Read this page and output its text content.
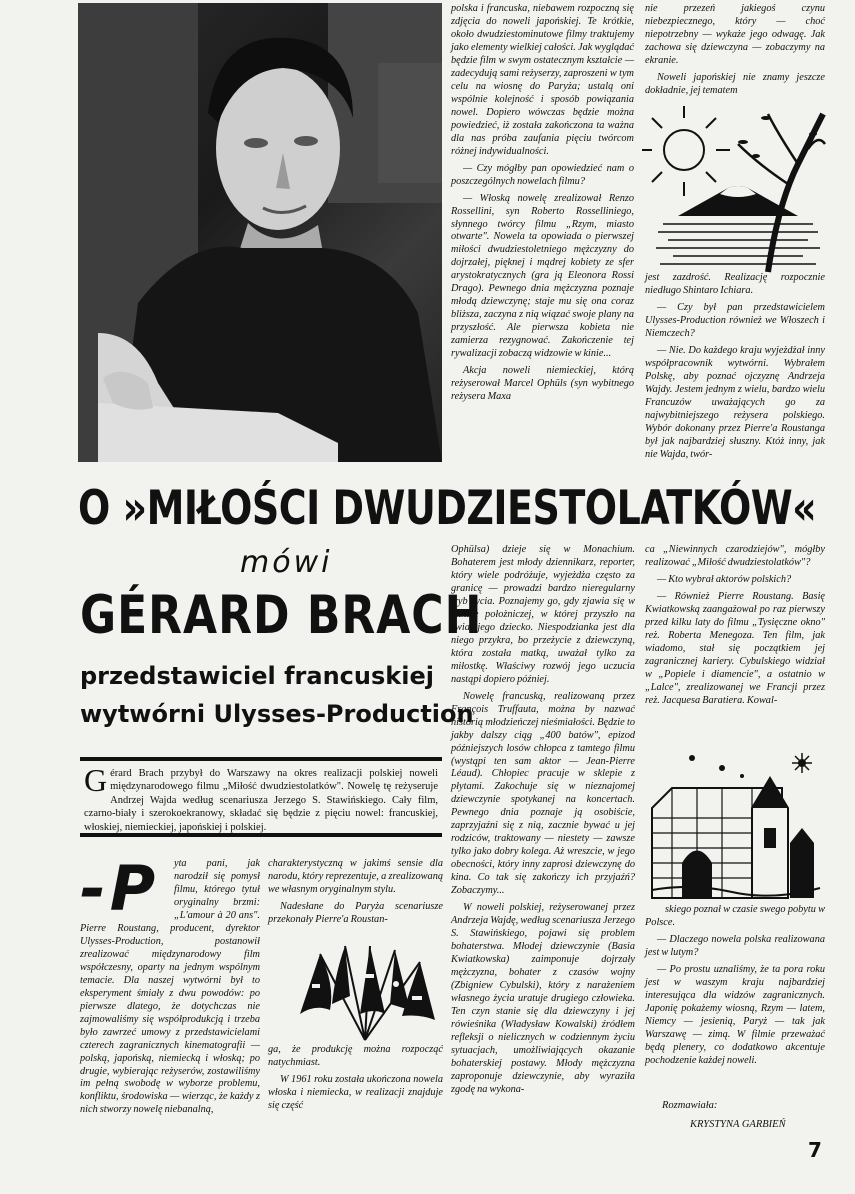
polska i francuska, niebawem rozpoczną się zdjęcia do noweli japońskiej. Te krótkie, około dwudziestominutowe filmy traktujemy jako elementy wielkiej całości. Jak wyglądać będzie film w swym ostatecznym kształcie — zadecydują sami reżyserzy, zaproszeni w tym celu na wiosnę do Paryża; ustalą oni wspólnie kolejność i sposób powiązania nowel. Dopiero wówczas będzie można powiedzieć, iż została zakończona ta ważna dla nas próba zaufania pięciu twórcom różnej indywidualności.

— Czy mógłby pan opowiedzieć nam o poszczególnych nowelach filmu?

— Włoską nowelę zrealizował Renzo Rossellini, syn Roberto Rosselliniego, słynnego twórcy filmu „Rzym, miasto otwarte". Nowela ta opowiada o pierwszej miłości dwudziestoletniego mężczyzny do dojrzałej, pięknej i mądrej kobiety ze sfer arystokratycznych (gra ją Eleonora Rossi Drago). Pewnego dnia mężczyzna poznaje młodą dziewczynę; staje mu się ona coraz bliższa, zaczyna z nią wiązać swoje plany na przyszłość. Ale pierwsza kobieta nie zamierza rezygnować. Zakończenie tej rywalizacji zobaczą widzowie w kinie...

Akcja noweli niemieckiej, którą reżyserował Marcel Ophüls (syn wybitnego reżysera Maxa

nie przezeń jakiegoś czynu niebezpiecznego, który — choć niepotrzebny — wykaże jego odwagę. Jak zachowa się dziewczyna — zobaczymy na ekranie.

Noweli japońskiej nie znamy jeszcze dokładnie, jej tematem

jest zazdrość. Realizację rozpocznie niedługo Shintaro Ichiara.

— Czy był pan przedstawicielem Ulysses-Production również we Włoszech i Niemczech?

— Nie. Do każdego kraju wyjeżdżał inny współpracownik wytwórni. Wybrałem Polskę, aby poznać ojczyznę Andrzeja Wajdy. Jestem jednym z wielu, bardzo wielu Francuzów uważających go za najwybitniejszego reżysera polskiego. Wybór dokonany przez Pierre'a Roustanga był jak najbardziej słuszny. Któż inny, jak nie Wajda, twór-

O »MIŁOŚCI DWUDZIESTOLATKÓW«
mówi
GÉRARD BRACH
przedstawiciel francuskiej
wytwórni Ulysses-Production
Gérard Brach przybył do Warszawy na okres realizacji polskiej noweli międzynarodowego filmu „Miłość dwudziestolatków". Nowelę tę reżyseruje Andrzej Wajda według scenariusza Jerzego S. Stawińskiego. Cały film, czarno-biały i szerokoekranowy, składać się będzie z pięciu nowel: francuskiej, włoskiej, niemieckiej, japońskiej i polskiej.
-P	yta pani, jak narodził się pomysł filmu, którego tytuł oryginalny brzmi: „L'amour à 20 ans". Pierre Roustang, producent, dyrektor Ulysses-Production, postanowił zrealizować międzynarodowy film współczesny, oparty na jednym wspólnym temacie. Dla naszej wytwórni był to eksperyment śmiały z dwu powodów: po pierwsze dlatego, że dotychczas nie zajmowaliśmy się współprodukcją i trzeba było zawrzeć umowy z przedstawicielami czterech zagranicznych kinematografii — polską, japońską, niemiecką i włoską; po drugie, wybierając reżyserów, zostawiliśmy im pełną swobodę w wyborze problemu, konfliktu, środowiska — wierząc, że każdy z nich stworzy nowelę niebanalną,

charakterystyczną w jakimś sensie dla narodu, który reprezentuje, a zrealizowaną we własnym oryginalnym stylu.

Nadesłane do Paryża scenariusze przekonały Pierre'a Roustan-

ga, że produkcję można rozpocząć natychmiast.

W 1961 roku została ukończona nowela włoska i niemiecka, w realizacji znajduje się część

Ophülsa) dzieje się w Monachium. Bohaterem jest młody dziennikarz, reporter, który wiele podróżuje, wyjeżdża często za granicę — prowadzi bardzo nieregularny tryb życia. Poznajemy go, gdy zjawia się w klinice położniczej, w której przyszło na świat jego dziecko. Niespodzianka jest dla niego przykra, bo przeżycie z dziewczyną, która została matką, uważał tylko za miłostkę. Właściwy rozwój jego uczucia nastąpi dopiero później.

Nowelę francuską, realizowaną przez François Truffauta, można by nazwać historią młodzieńczej nieśmiałości. Będzie to jakby dalszy ciąg „400 batów", epizod późniejszych losów chłopca z tamtego filmu (wystąpi ten sam aktor — Jean-Pierre Léaud). Chłopiec pracuje w sklepie z płytami. Zakochuje się w nieznajomej dziewczynie spotykanej na koncertach. Pewnego dnia poznaje ją osobiście, zaprzyjaźni się z nią, zacznie bywać u jej rodziców, traktowany — niestety — zawsze tylko jako dobry kolega. Aż wreszcie, w jego obecności, który inny zaprosi dziewczynę do kina. Co tak się zakończy ich przyjaźń? Zobaczymy...

W noweli polskiej, reżyserowanej przez Andrzeja Wajdę, według scenariusza Jerzego S. Stawińskiego, pojawi się problem bohaterstwa. Młodej dziewczynie (Basia Kwiatkowska) zaimponuje dojrzały mężczyzna, bohater z czasów wojny (Zbigniew Cybulski), który z narażeniem własnego życia uratuje drugiego człowieka. Ten czyn stanie się dla dziewczyny i jej rówieśnika (Władysław Kowalski) źródłem refleksji o nielicznych w codziennym życiu sytuacjach, umożliwiających okazanie bohaterskiej postawy. Młody mężczyzna zaproponuje dziewczynie, aby wyraziła zgodę na wykona-

ca „Niewinnych czarodziejów", mógłby realizować „Miłość dwudziestolatków"?

— Kto wybrał aktorów polskich?

— Również Pierre Roustang. Basię Kwiatkowską zaangażował po raz pierwszy przed kilku laty do filmu „Tysięczne okno" reż. Roberta Menegoza. Ten film, jak wiadomo, stał się początkiem jej zagranicznej kariery. Cybulskiego widział w „Popiele i diamencie", a ostatnio w „Lalce", zrealizowanej we Francji przez reż. Jacquesa Baratiera. Kowal-

skiego poznał w czasie swego pobytu w Polsce.

— Dlaczego nowela polska realizowana jest w lutym?

— Po prostu uznaliśmy, że ta pora roku jest w waszym kraju najbardziej interesująca dla widzów zagranicznych. Japonię pokażemy wiosną, Rzym — latem, Niemcy — jesienią, Paryż — tak jak Warszawę — zimą. W filmie przeważać będą plenery, co dodatkowo akcentuje pochodzenie każdej noweli.

Rozmawiała:
KRYSTYNA GARBIEŃ
7
